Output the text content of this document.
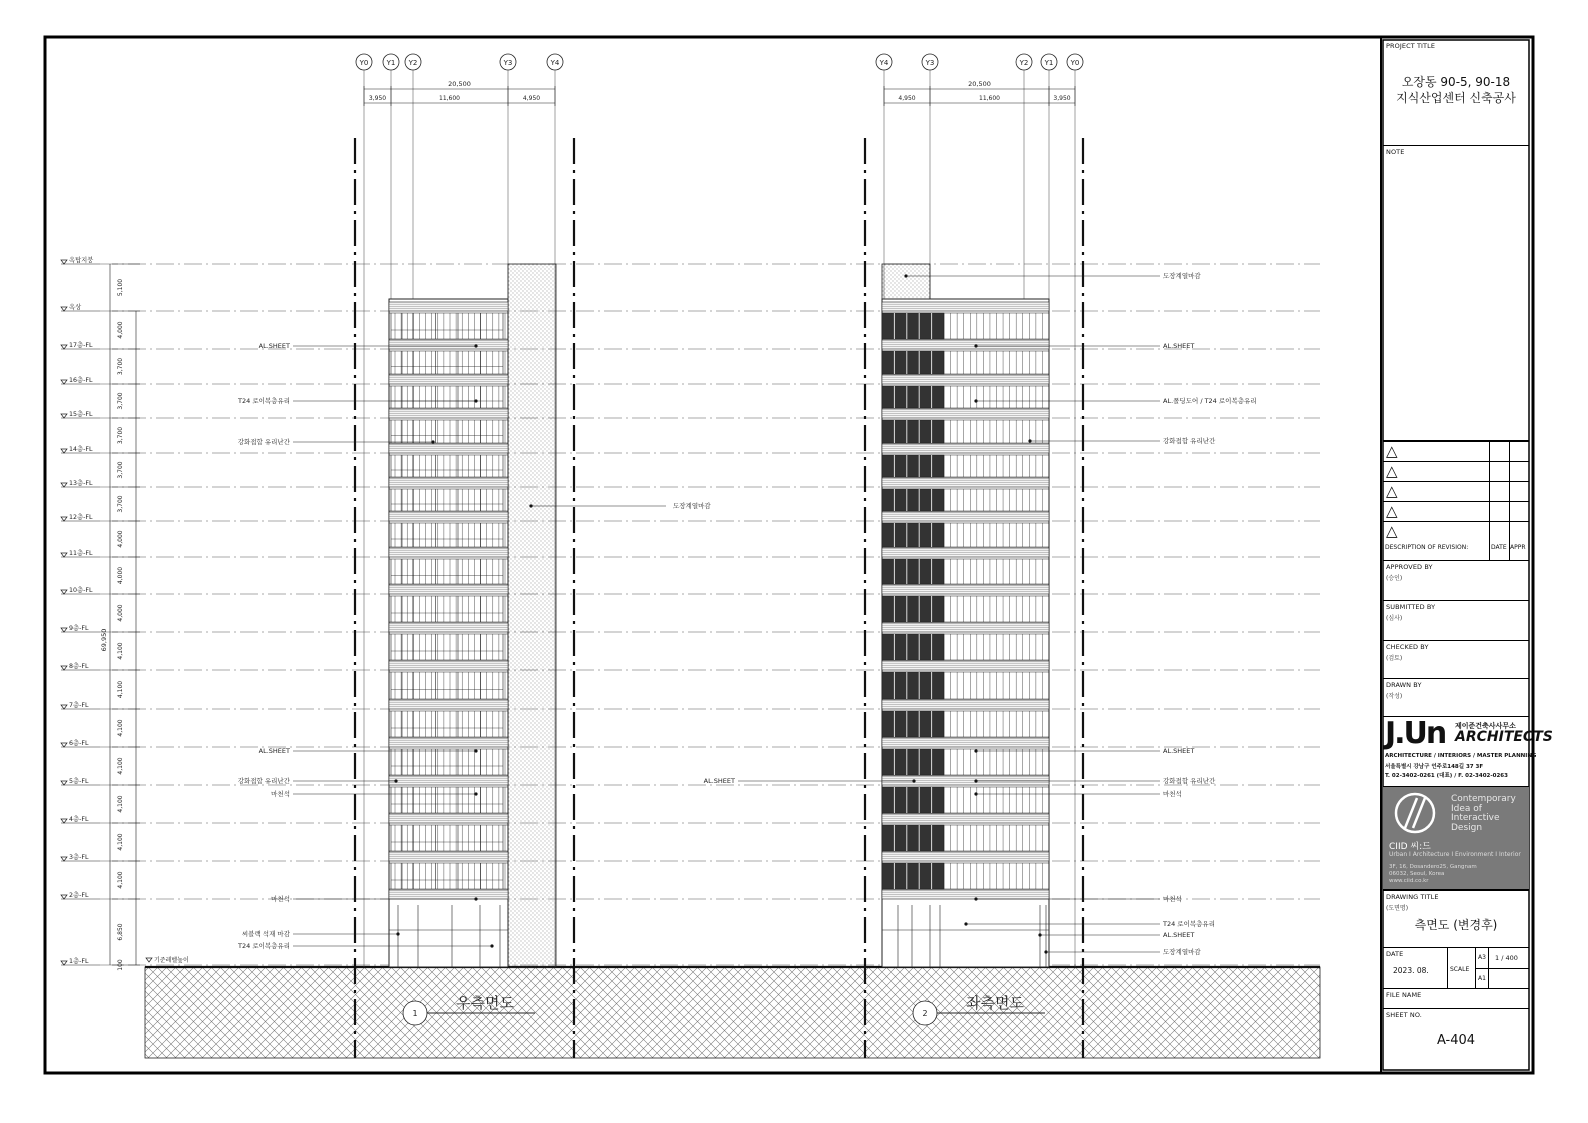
옥탑지붕
5,100
옥상
4,000
17층-FL
3,700
16층-FL
3,700
15층-FL
3,700
14층-FL
3,700
13층-FL
3,700
12층-FL
4,000
11층-FL
4,000
10층-FL
4,000
9층-FL
4,100
8층-FL
4,100
7층-FL
4,100
6층-FL
4,100
5층-FL
4,100
4층-FL
4,100
3층-FL
4,100
2층-FL
6,850
1층-FL	100
69,950
기준레벨높이
Y0	Y1 Y2	Y3	Y4
20,500
3,950	11,600	4,950
1
우측면도
AL.SHEET
T24 로이복층유리
강화접합 유리난간
도장계열마감
AL.SHEET
강화접합 유리난간
마천석
마천석
씨블랙 석재 마감
T24 로이복층유리
Y4	Y3	Y2 Y1 Y0
20,500
4,950	11,600	3,950
2
좌측면도
도장계열마감
AL.SHEET
AL.폴딩도어 / T24 로이복층유리
강화접합 유리난간
AL.SHEET
AL.SHEET
강화접합 유리난간
마천석
마천석
T24 로이복층유리
AL.SHEET
도장계열마감
PROJECT TITLE
오장동 90-5, 90-18
지식산업센터 신축공사
NOTE
△
△
△
△
△
DESCRIPTION OF REVISION:	DATE APPR
APPROVED BY
(승인)
SUBMITTED BY
(심사)
CHECKED BY
(검토)
DRAWN BY
(작성)
J.Un 제이준건축사사무소
ARCHITECTS
ARCHITECTURE / INTERIORS / MASTER PLANNING
서울특별시 강남구 언주로148길 37 3F
T. 02-3402-0261 (대표) / F. 02-3402-0263
Contemporary
Idea of
Interactive
Design
CIID 씨:드
Urban I Architecture I Environment I Interior
3F, 16, Dosandero25, Gangnam
06032, Seoul, Korea
www.ciid.co.kr
DRAWING TITLE
(도면명)
측면도 (변경후)
DATE
2023. 08.	SCALE
A3
A1
1 / 400
FILE NAME
SHEET NO.
A-404
